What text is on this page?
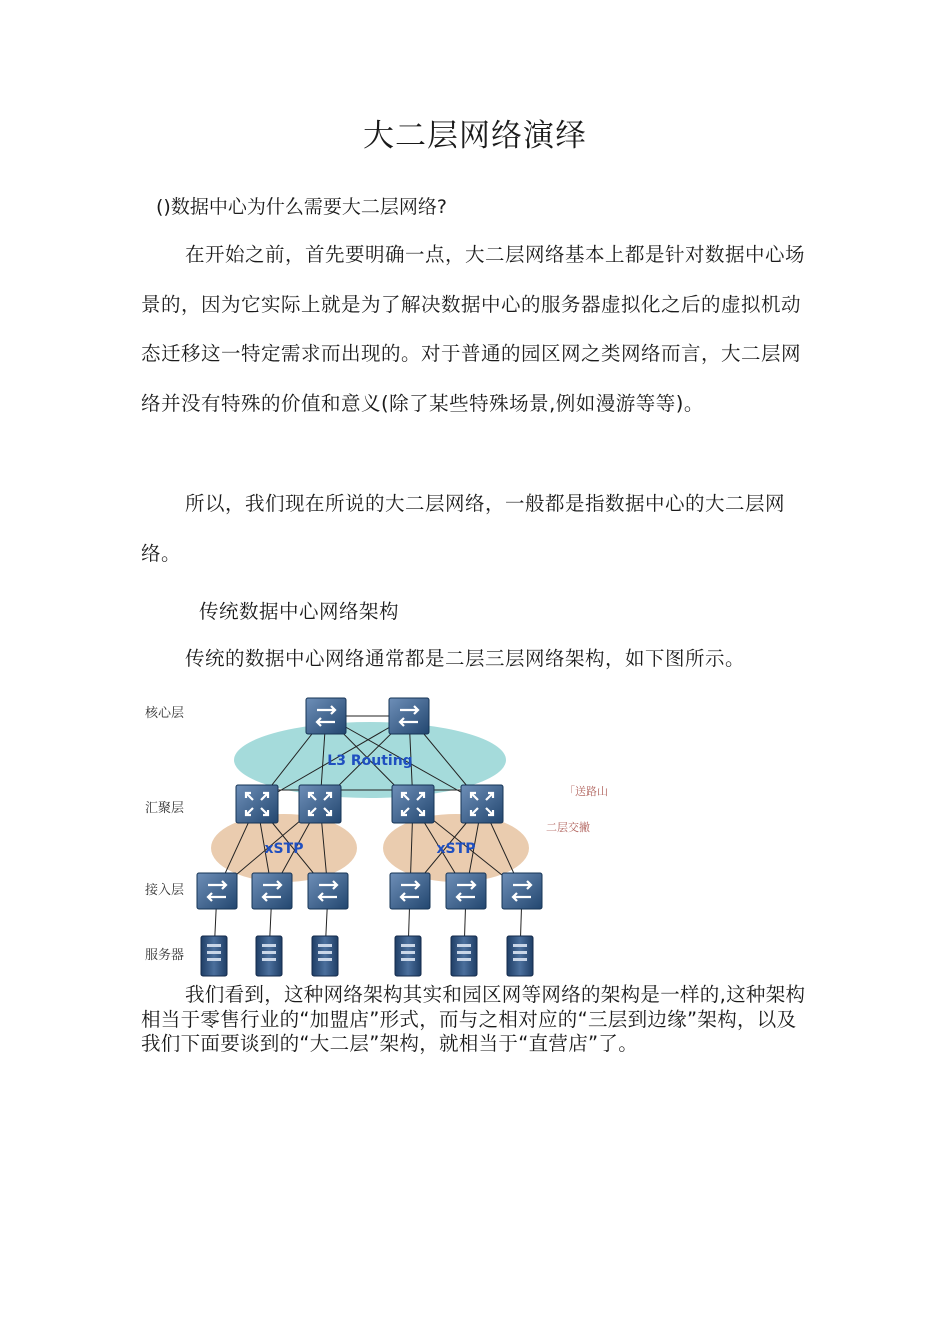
大二层网络演绎

()数据中心为什么需要大二层网络?

在开始之前，首先要明确一点，大二层网络基本上都是针对数据中心场景的，因为它实际上就是为了解决数据中心的服务器虚拟化之后的虚拟机动态迁移这一特定需求而出现的。对于普通的园区网之类网络而言，大二层网络并没有特殊的价值和意义(除了某些特殊场景,例如漫游等等)。

所以，我们现在所说的大二层网络，一般都是指数据中心的大二层网络。

传统数据中心网络架构

传统的数据中心网络通常都是二层三层网络架构，如下图所示。

核心层
汇聚层
接入层
服务器
L3 Routing
xSTP	xSTP
「送路山
二层交撇

我们看到，这种网络架构其实和园区网等网络的架构是一样的,这种架构相当于零售行业的“加盟店”形式，而与之相对应的“三层到边缘”架构，以及我们下面要谈到的“大二层”架构，就相当于“直营店”了。
